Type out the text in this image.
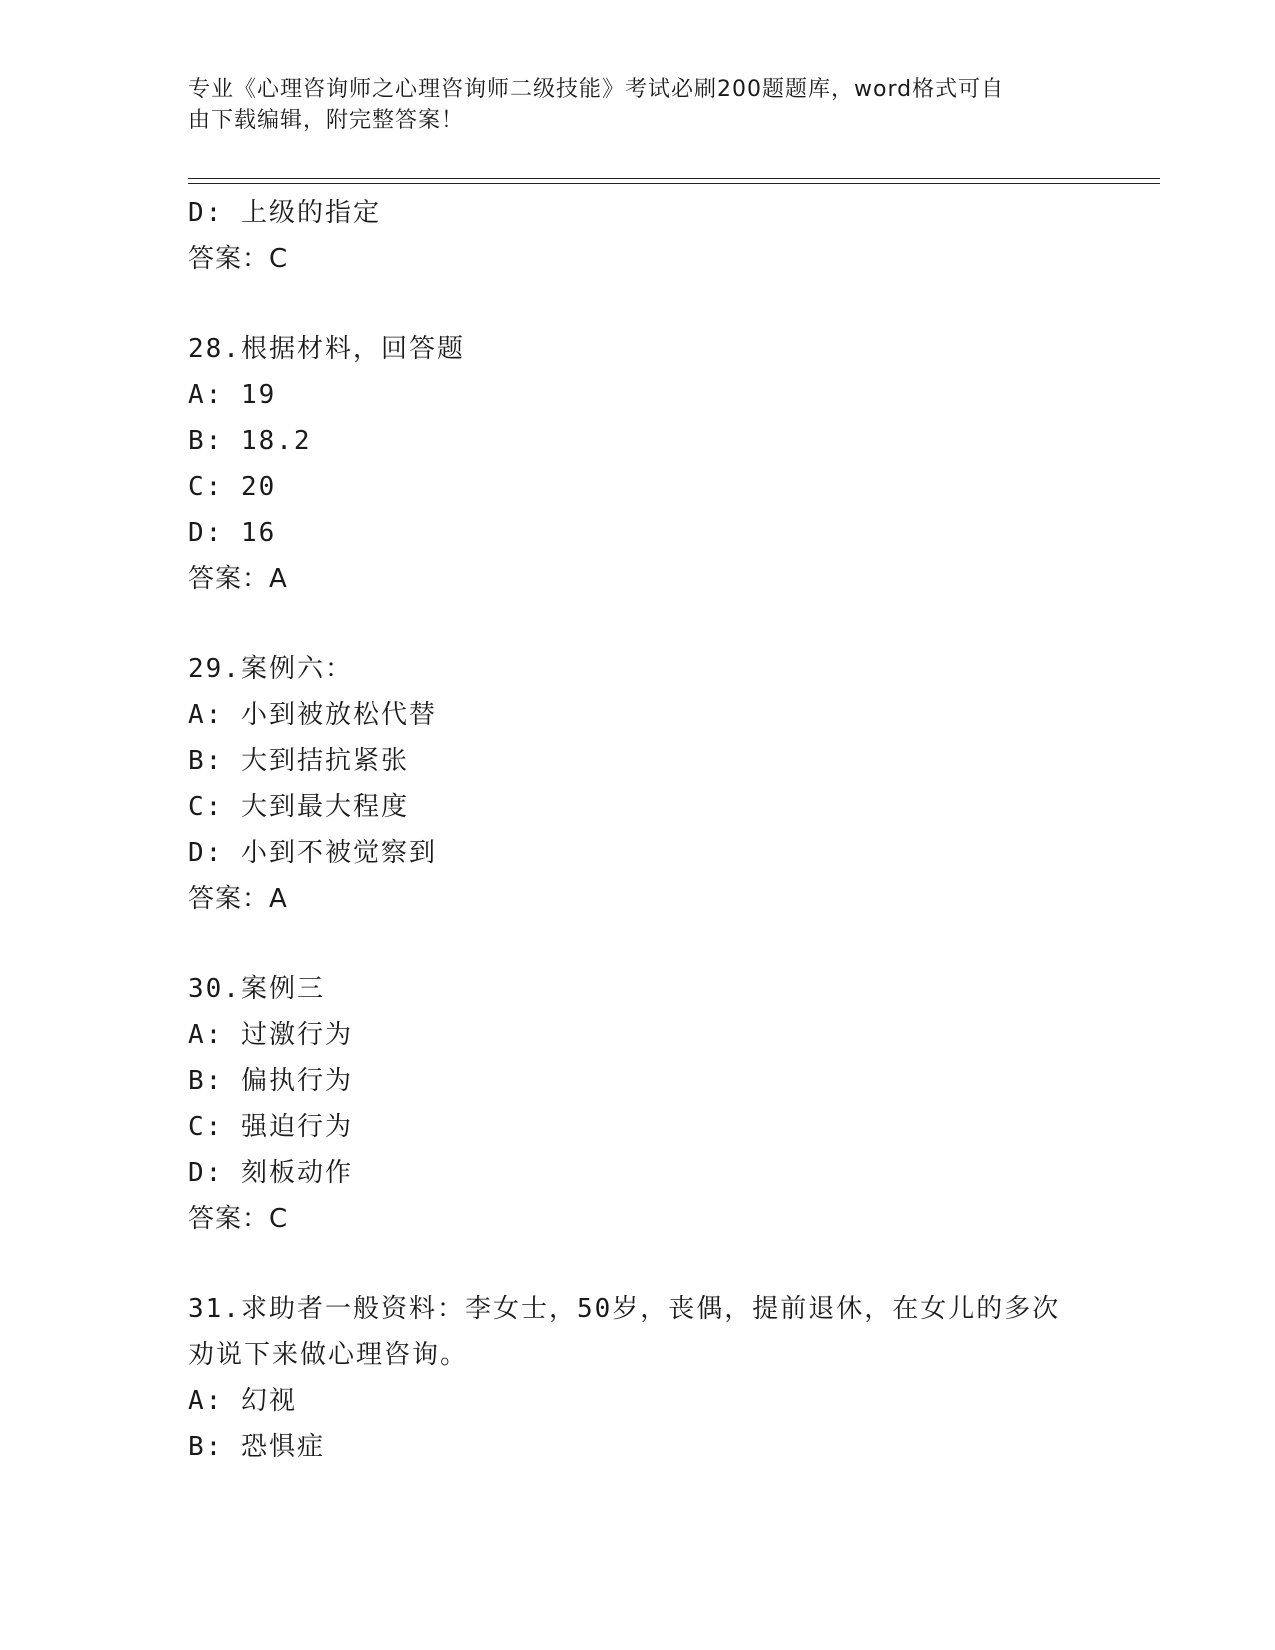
专业《心理咨询师之心理咨询师二级技能》考试必刷200题题库，word格式可自
由下载编辑，附完整答案！
D: 上级的指定
答案：C
28.根据材料，回答题
A: 19
B: 18.2
C: 20
D: 16
答案：A
29.案例六：
A: 小到被放松代替
B: 大到拮抗紧张
C: 大到最大程度
D: 小到不被觉察到
答案：A
30.案例三
A: 过激行为
B: 偏执行为
C: 强迫行为
D: 刻板动作
答案：C
31.求助者一般资料：李女士，50岁，丧偶，提前退休，在女儿的多次
劝说下来做心理咨询。
A: 幻视
B: 恐惧症
